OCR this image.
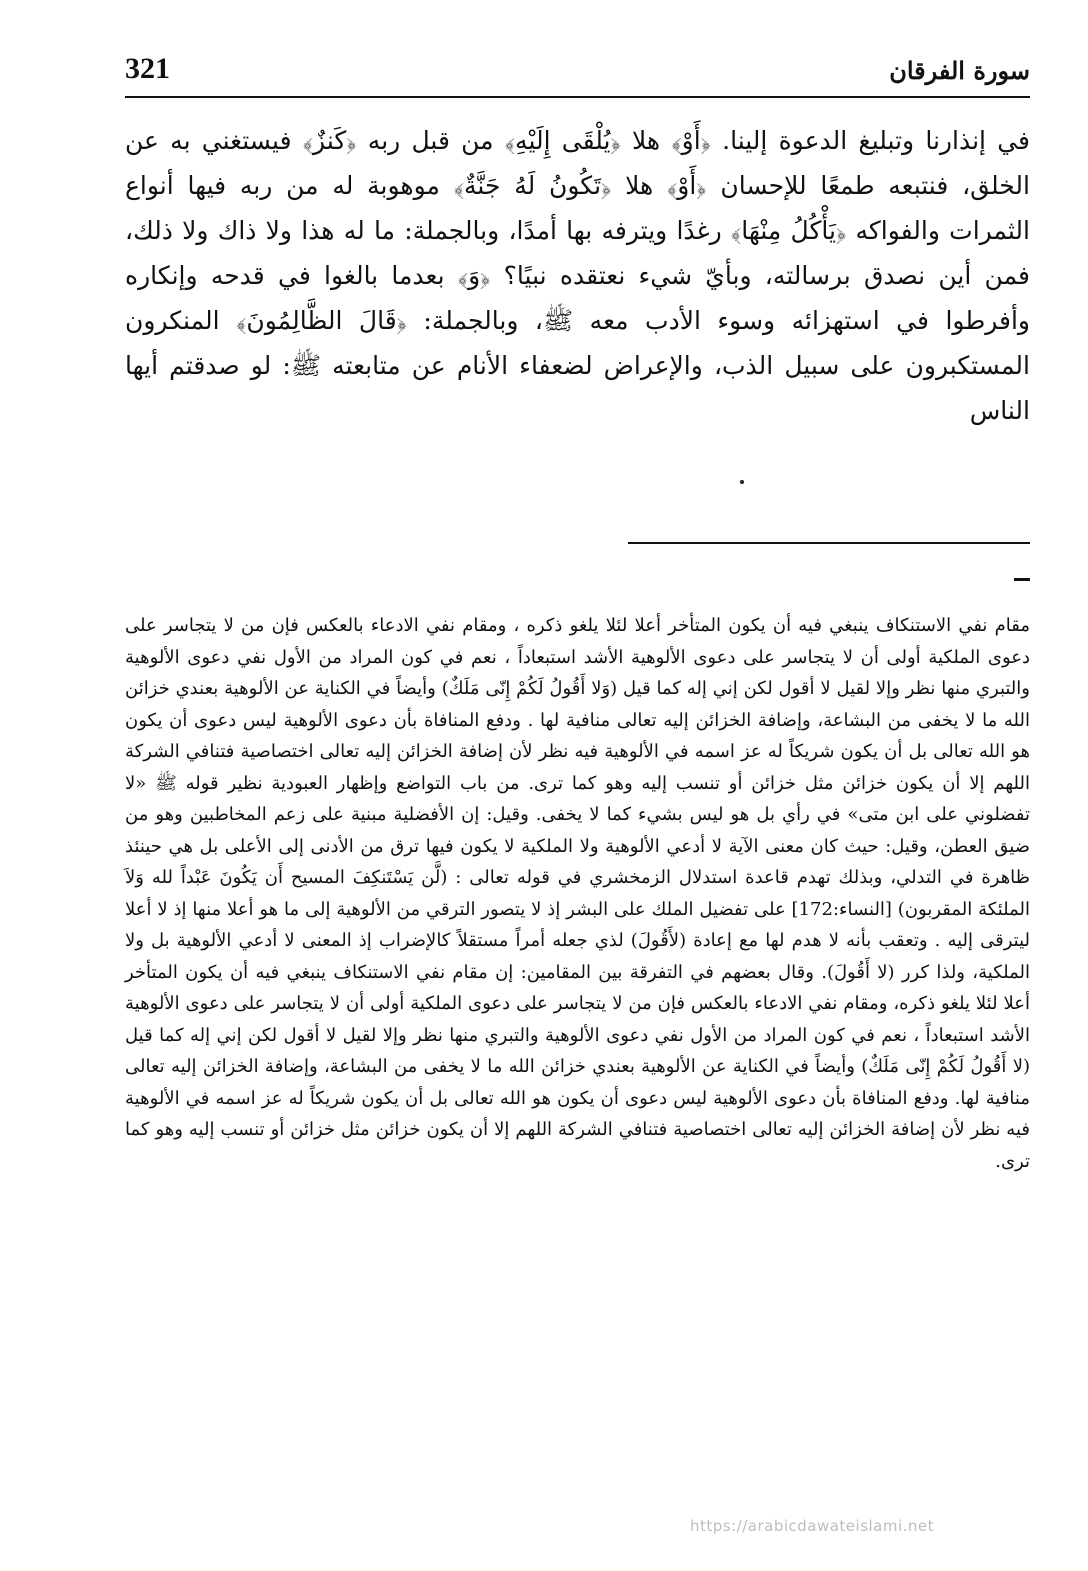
321	سورة الفرقان

في إنذارنا وتبليغ الدعوة إلينا. ﴿أَوْ﴾ هلا ﴿يُلْقَى إِلَيْهِ﴾ من قبل ربه ﴿كَنزٌ﴾ فيستغني به عن الخلق، فنتبعه طمعًا للإحسان ﴿أَوْ﴾ هلا ﴿تَكُونُ لَهُ جَنَّةٌ﴾ موهوبة له من ربه فيها أنواع الثمرات والفواكه ﴿يَأْكُلُ مِنْهَا﴾ رغدًا ويترفه بها أمدًا، وبالجملة: ما له هذا ولا ذاك ولا ذلك، فمن أين نصدق برسالته، وبأيّ شيء نعتقده نبيًا؟ ﴿وَ﴾ بعدما بالغوا في قدحه وإنكاره وأفرطوا في استهزائه وسوء الأدب معه ﷺ، وبالجملة: ﴿قَالَ الظَّالِمُونَ﴾ المنكرون المستكبرون على سبيل الذب، والإعراض لضعفاء الأنام عن متابعته ﷺ: لو صدقتم أيها الناس

مقام نفي الاستنكاف ينبغي فيه أن يكون المتأخر أعلا لئلا يلغو ذكره ، ومقام نفي الادعاء بالعكس فإن من لا يتجاسر على دعوى الملكية أولى أن لا يتجاسر على دعوى الألوهية الأشد استبعاداً ، نعم في كون المراد من الأول نفي دعوى الألوهية والتبري منها نظر وإلا لقيل لا أقول لكن إني إله كما قيل (وَلا أَقُولُ لَكُمْ إِنّى مَلَكٌ) وأيضاً في الكناية عن الألوهية بعندي خزائن الله ما لا يخفى من البشاعة، وإضافة الخزائن إليه تعالى منافية لها . ودفع المنافاة بأن دعوى الألوهية ليس دعوى أن يكون هو الله تعالى بل أن يكون شريكاً له عز اسمه في الألوهية فيه نظر لأن إضافة الخزائن إليه تعالى اختصاصية فتنافي الشركة اللهم إلا أن يكون خزائن مثل خزائن أو تنسب إليه وهو كما ترى. من باب التواضع وإظهار العبودية نظير قوله ﷺ «لا تفضلوني على ابن متى» في رأي بل هو ليس بشيء كما لا يخفى. وقيل: إن الأفضلية مبنية على زعم المخاطبين وهو من ضيق العطن، وقيل: حيث كان معنى الآية لا أدعي الألوهية ولا الملكية لا يكون فيها ترق من الأدنى إلى الأعلى بل هي حينئذ ظاهرة في التدلي، وبذلك تهدم قاعدة استدلال الزمخشري في قوله تعالى : (لَّن يَسْتَنكِفَ المسيح أَن يَكُونَ عَبْداً لله وَلاَ الملئكة المقربون) [النساء:172] على تفضيل الملك على البشر إذ لا يتصور الترقي من الألوهية إلى ما هو أعلا منها إذ لا أعلا ليترقى إليه . وتعقب بأنه لا هدم لها مع إعادة (لأَقُولَ) لذي جعله أمراً مستقلاً كالإضراب إذ المعنى لا أدعي الألوهية بل ولا الملكية، ولذا كرر (لا أَقُولَ). وقال بعضهم في التفرقة بين المقامين: إن مقام نفي الاستنكاف ينبغي فيه أن يكون المتأخر أعلا لئلا يلغو ذكره، ومقام نفي الادعاء بالعكس فإن من لا يتجاسر على دعوى الملكية أولى أن لا يتجاسر على دعوى الألوهية الأشد استبعاداً ، نعم في كون المراد من الأول نفي دعوى الألوهية والتبري منها نظر وإلا لقيل لا أقول لكن إني إله كما قيل (لا أَقُولُ لَكُمْ إِنّى مَلَكٌ) وأيضاً في الكناية عن الألوهية بعندي خزائن الله ما لا يخفى من البشاعة، وإضافة الخزائن إليه تعالى منافية لها. ودفع المنافاة بأن دعوى الألوهية ليس دعوى أن يكون هو الله تعالى بل أن يكون شريكاً له عز اسمه في الألوهية فيه نظر لأن إضافة الخزائن إليه تعالى اختصاصية فتنافي الشركة اللهم إلا أن يكون خزائن مثل خزائن أو تنسب إليه وهو كما ترى.

https://arabicdawateislami.net
